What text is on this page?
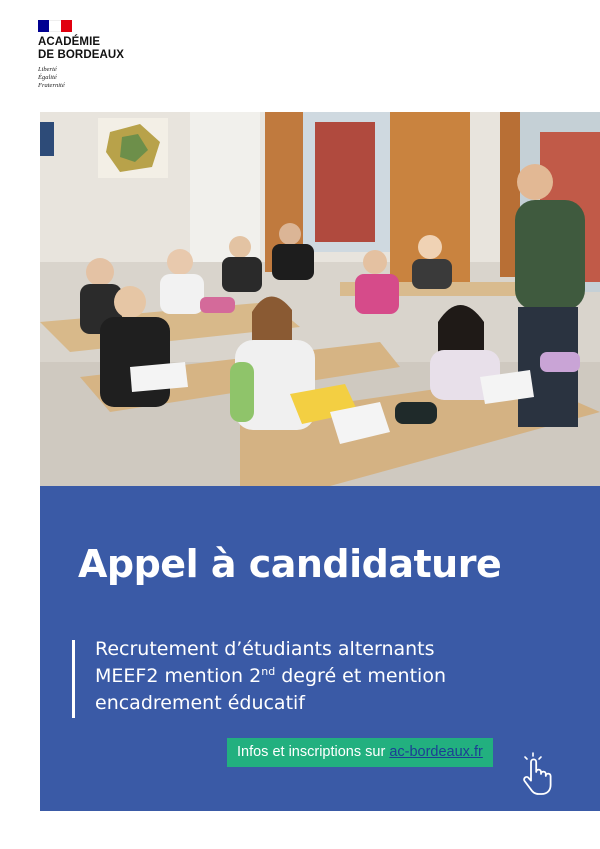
ACADÉMIE
DE BORDEAUX
Liberté
Égalité
Fraternité
Appel à candidature
Recrutement d’étudiants alternants
MEEF2 mention 2nd degré et mention
encadrement éducatif
Infos et inscriptions sur ac-bordeaux.fr
